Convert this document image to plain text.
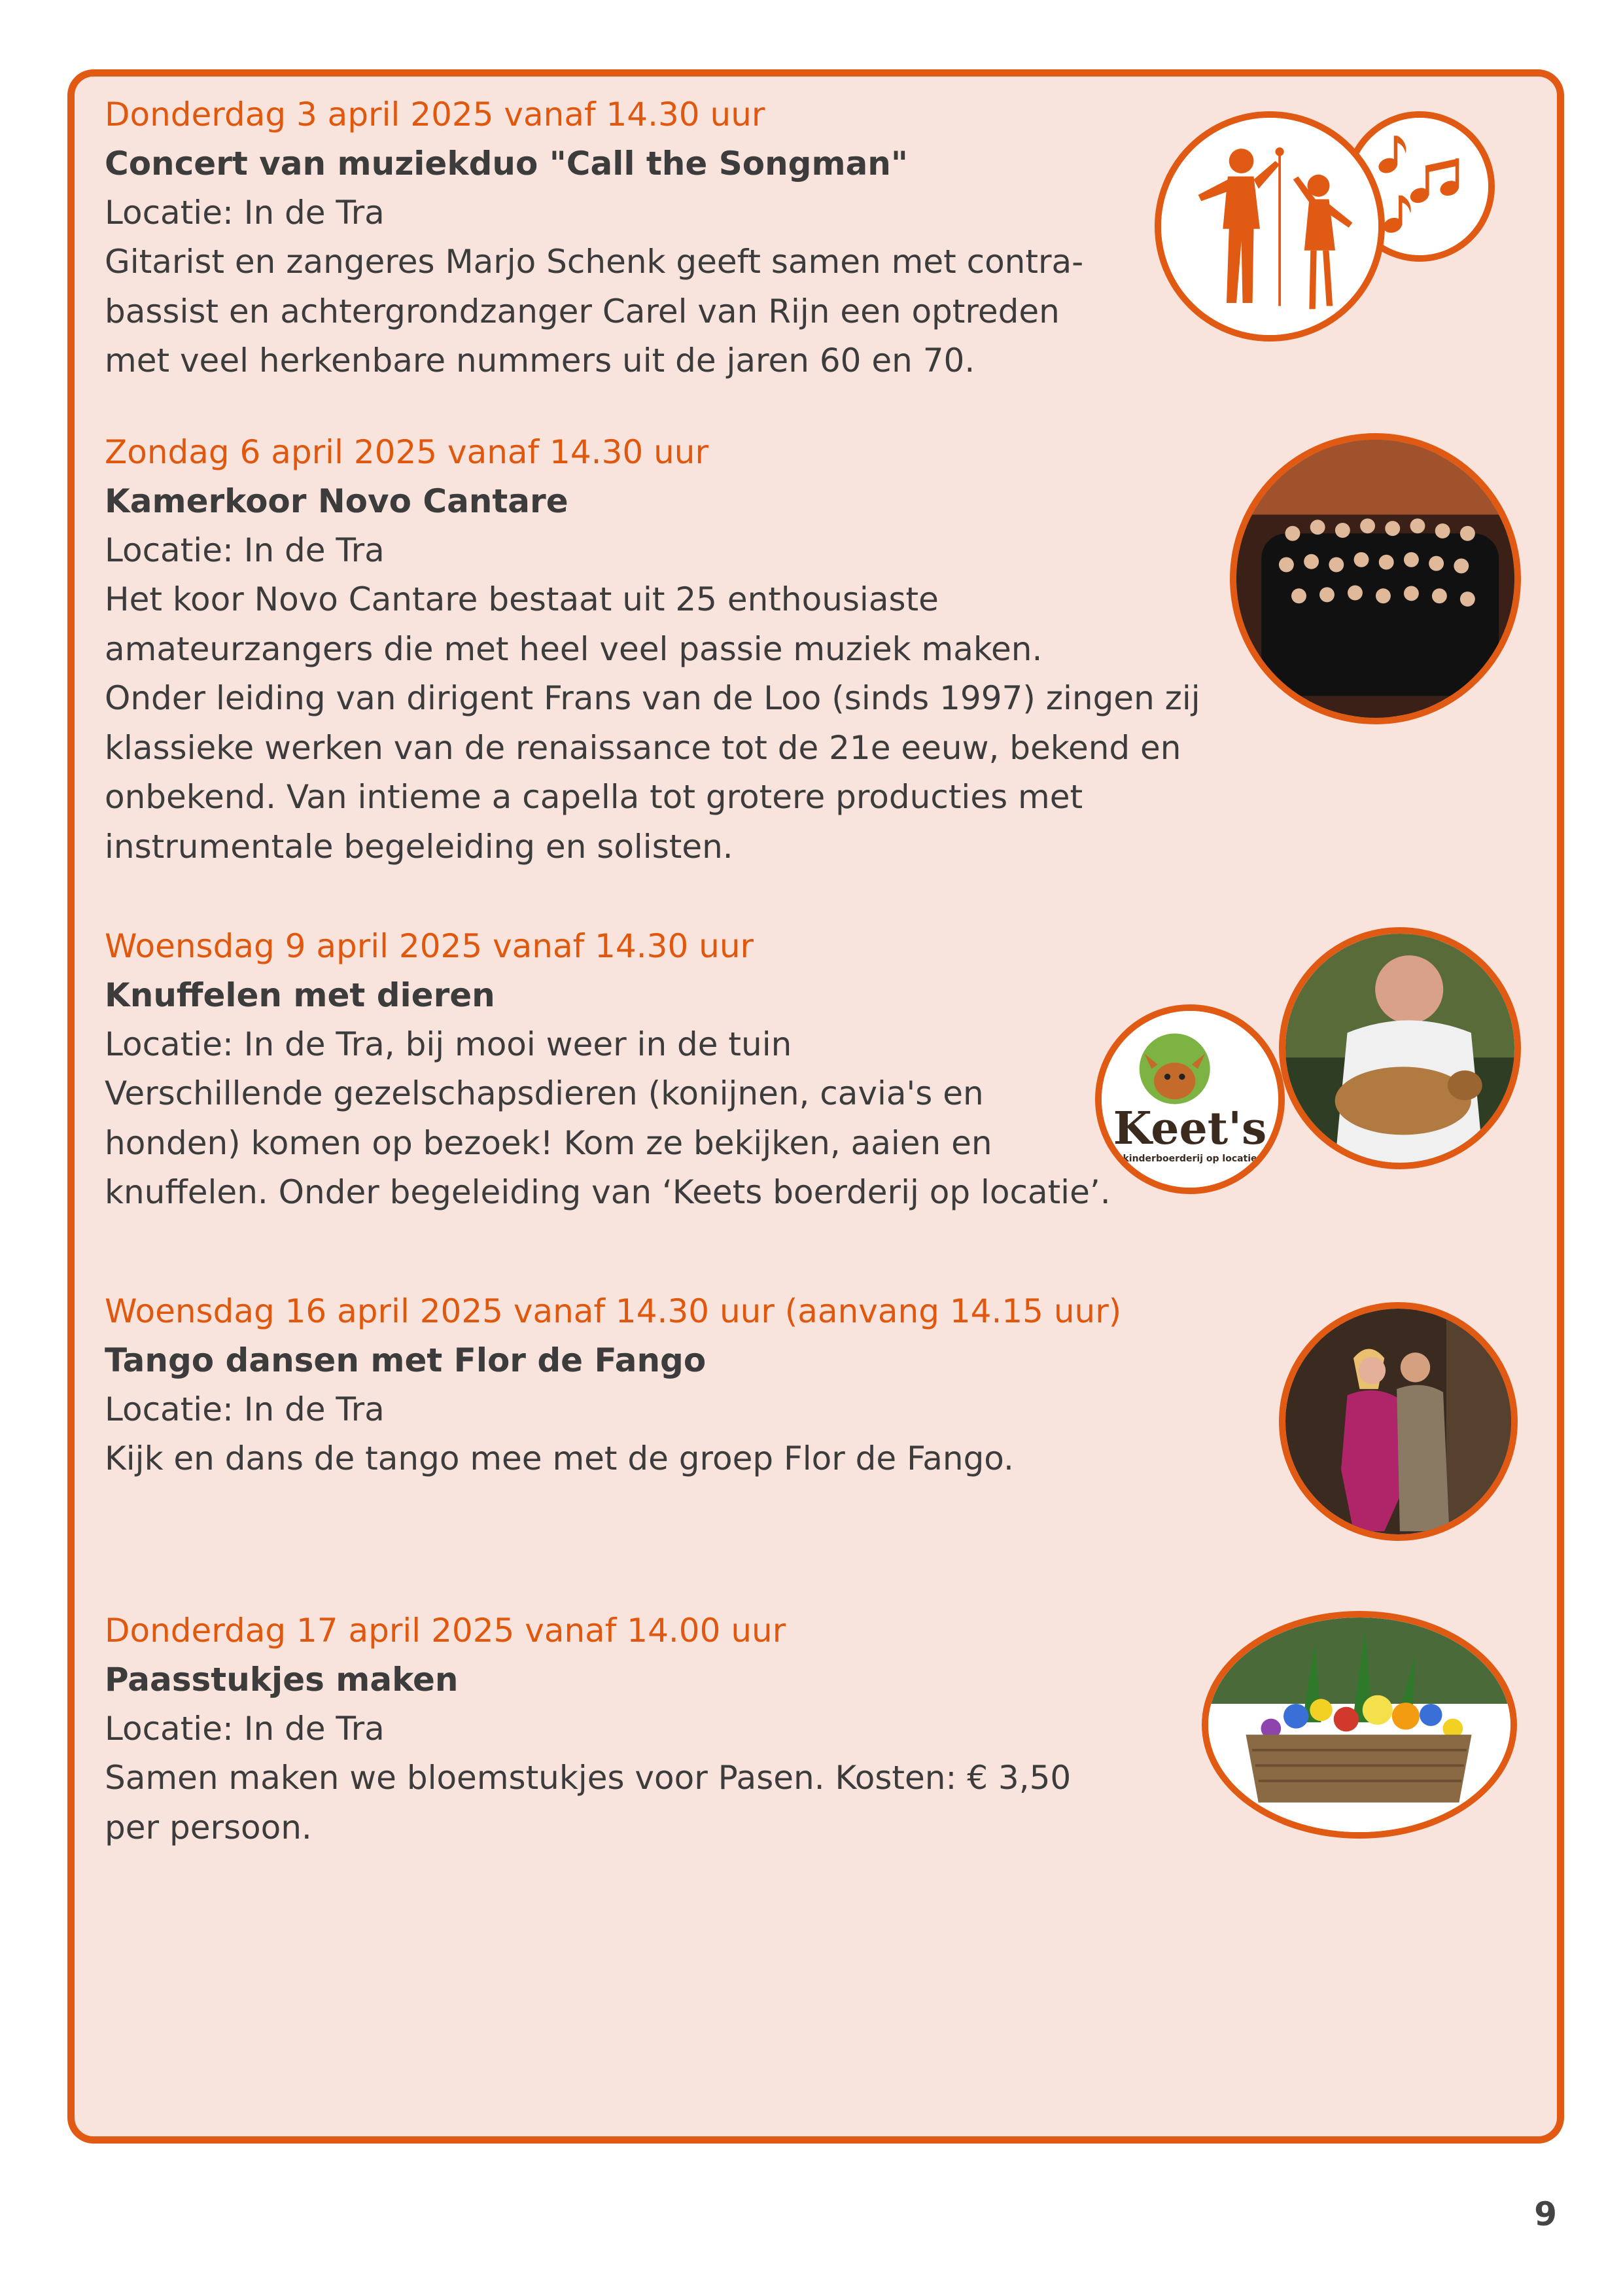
Donderdag 3 april 2025 vanaf 14.30 uur
Concert van muziekduo "Call the Songman"
Locatie: In de Tra
Gitarist en zangeres Marjo Schenk geeft samen met contra-
bassist en achtergrondzanger Carel van Rijn een optreden
met veel herkenbare nummers uit de jaren 60 en 70.
Zondag 6 april 2025 vanaf 14.30 uur
Kamerkoor Novo Cantare
Locatie: In de Tra
Het koor Novo Cantare bestaat uit 25 enthousiaste
amateurzangers die met heel veel passie muziek maken.
Onder leiding van dirigent Frans van de Loo (sinds 1997) zingen zij
klassieke werken van de renaissance tot de 21e eeuw, bekend en
onbekend. Van intieme a capella tot grotere producties met
instrumentale begeleiding en solisten.
Woensdag 9 april 2025 vanaf 14.30 uur
Knuffelen met dieren
Locatie: In de Tra, bij mooi weer in de tuin
Verschillende gezelschapsdieren (konijnen, cavia's en
honden) komen op bezoek! Kom ze bekijken, aaien en
knuffelen. Onder begeleiding van ‘Keets boerderij op locatie’.
Keet's
kinderboerderij op locatie
Woensdag 16 april 2025 vanaf 14.30 uur (aanvang 14.15 uur)
Tango dansen met Flor de Fango
Locatie: In de Tra
Kijk en dans de tango mee met de groep Flor de Fango.
Donderdag 17 april 2025 vanaf 14.00 uur
Paasstukjes maken
Locatie: In de Tra
Samen maken we bloemstukjes voor Pasen. Kosten: € 3,50
per persoon.
9
